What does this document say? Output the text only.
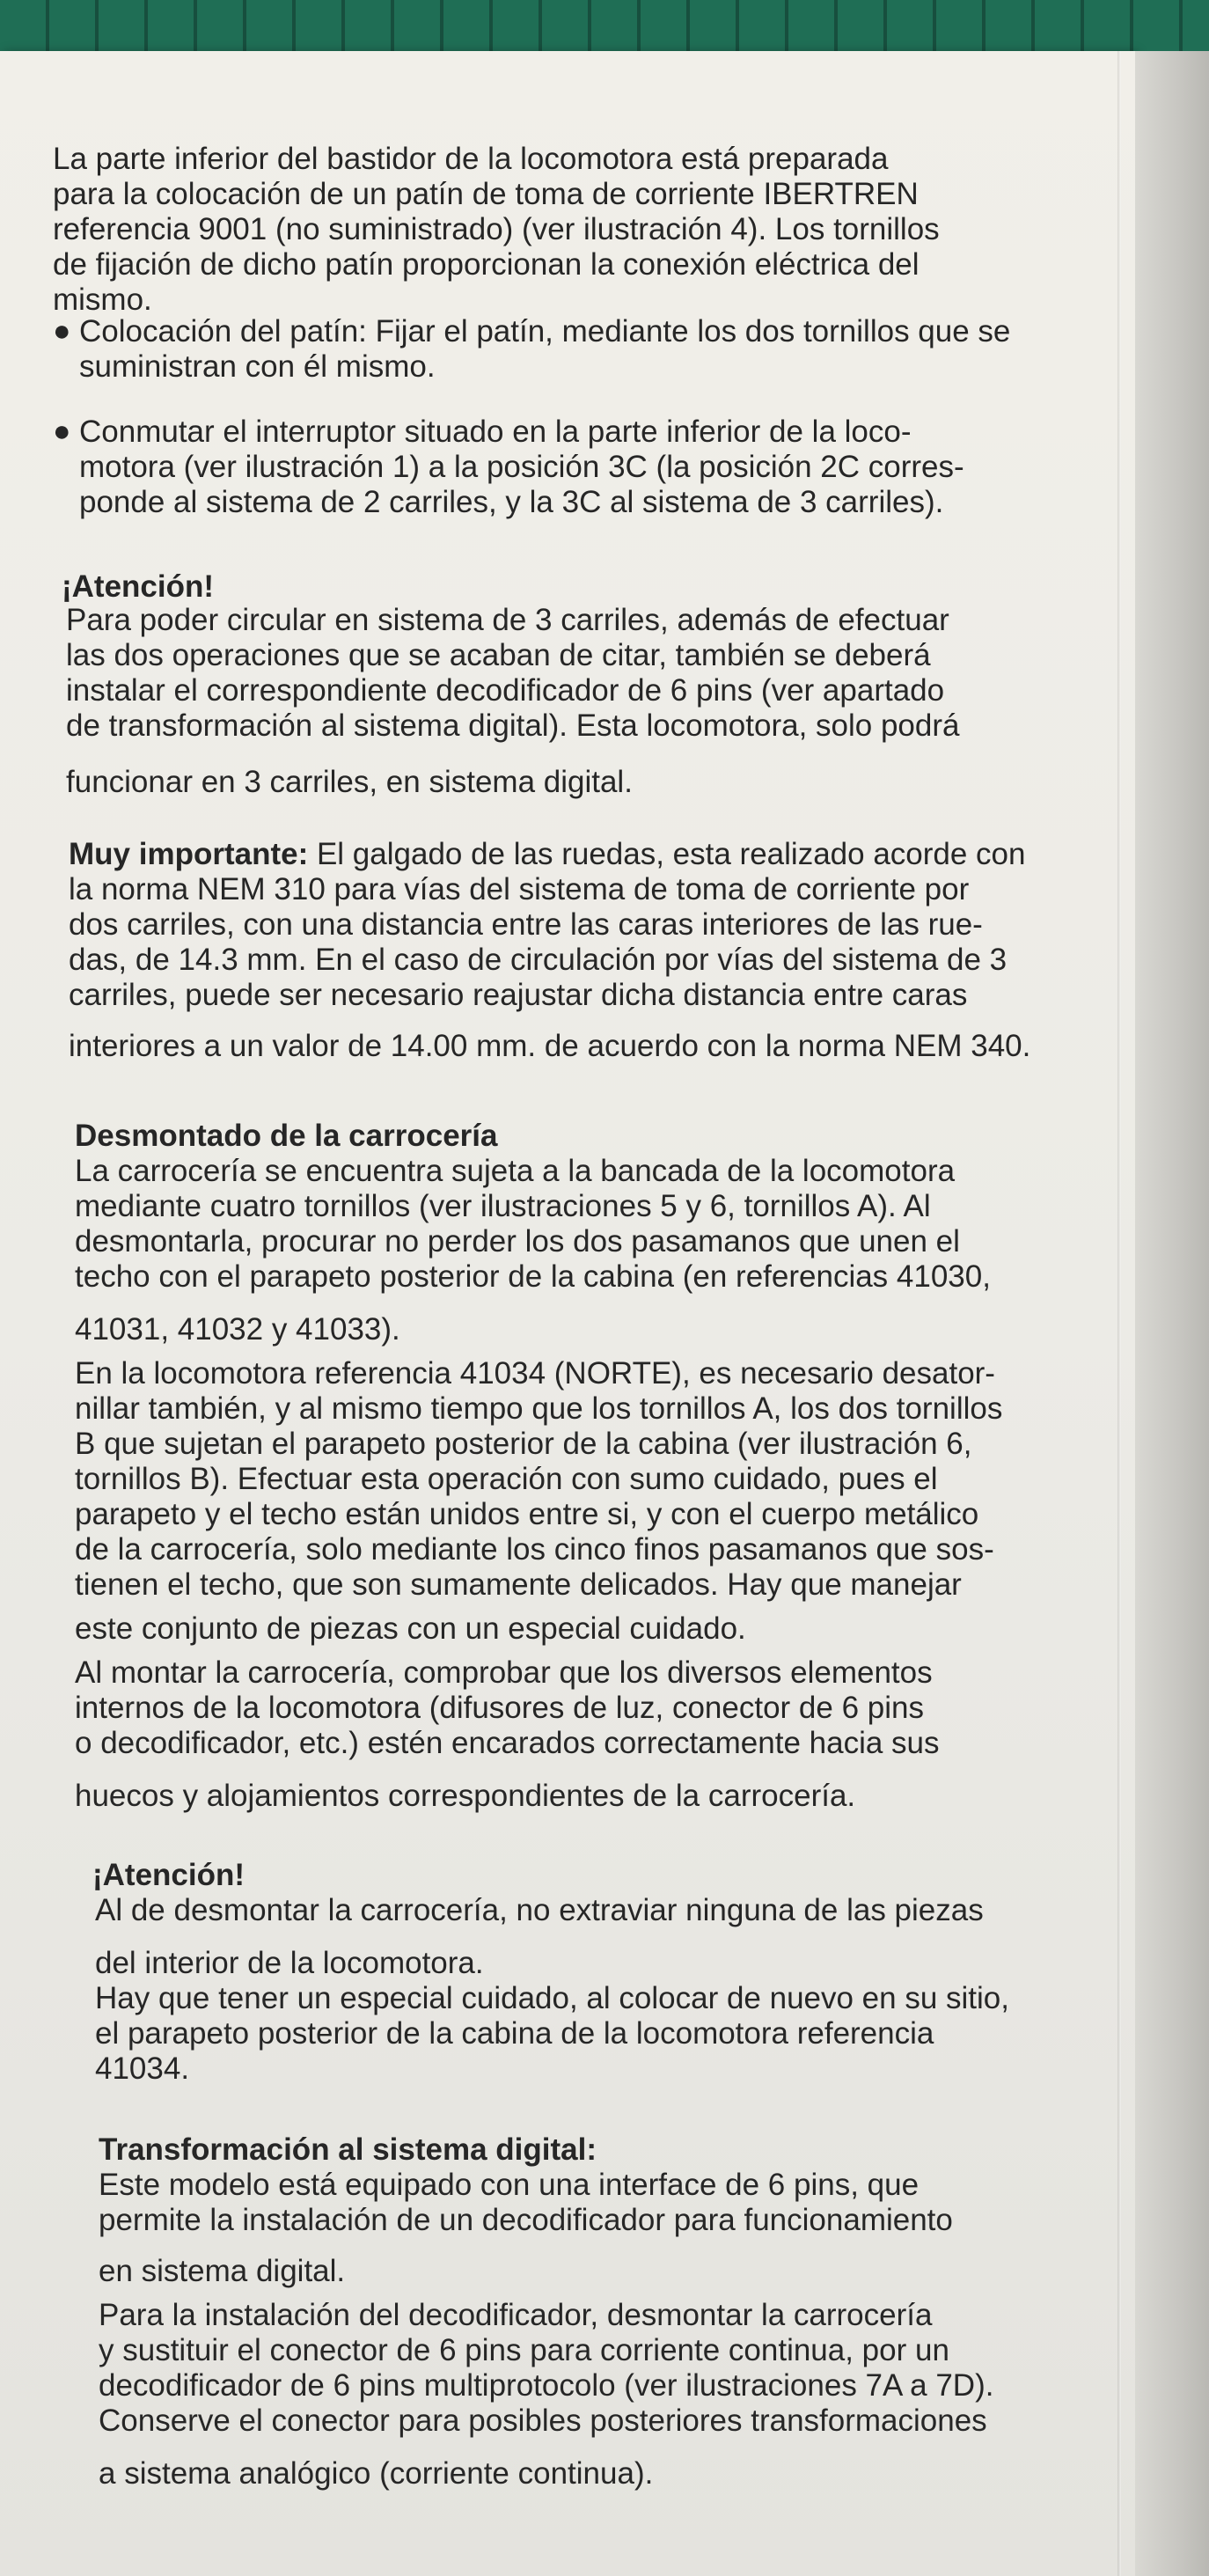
La parte inferior del bastidor de la locomotora está preparada
para la colocación de un patín de toma de corriente IBERTREN
referencia 9001 (no suministrado) (ver ilustración 4). Los tornillos
de fijación de dicho patín proporcionan la conexión eléctrica del
mismo.
● Colocación del patín: Fijar el patín, mediante los dos tornillos que se
suministran con él mismo.
● Conmutar el interruptor situado en la parte inferior de la loco-
motora (ver ilustración 1) a la posición 3C (la posición 2C corres-
ponde al sistema de 2 carriles, y la 3C al sistema de 3 carriles).
¡Atención!
Para poder circular en sistema de 3 carriles, además de efectuar
las dos operaciones que se acaban de citar, también se deberá
instalar el correspondiente decodificador de 6 pins (ver apartado
de transformación al sistema digital). Esta locomotora, solo podrá
funcionar en 3 carriles, en sistema digital.
Muy importante: El galgado de las ruedas, esta realizado acorde con
la norma NEM 310 para vías del sistema de toma de corriente por
dos carriles, con una distancia entre las caras interiores de las rue-
das, de 14.3 mm. En el caso de circulación por vías del sistema de 3
carriles, puede ser necesario reajustar dicha distancia entre caras
interiores a un valor de 14.00 mm. de acuerdo con la norma NEM 340.
Desmontado de la carrocería
La carrocería se encuentra sujeta a la bancada de la locomotora
mediante cuatro tornillos (ver ilustraciones 5 y 6, tornillos A). Al
desmontarla, procurar no perder los dos pasamanos que unen el
techo con el parapeto posterior de la cabina (en referencias 41030,
41031, 41032 y 41033).
En la locomotora referencia 41034 (NORTE), es necesario desator-
nillar también, y al mismo tiempo que los tornillos A, los dos tornillos
B que sujetan el parapeto posterior de la cabina (ver ilustración 6,
tornillos B). Efectuar esta operación con sumo cuidado, pues el
parapeto y el techo están unidos entre si, y con el cuerpo metálico
de la carrocería, solo mediante los cinco finos pasamanos que sos-
tienen el techo, que son sumamente delicados. Hay que manejar
este conjunto de piezas con un especial cuidado.
Al montar la carrocería, comprobar que los diversos elementos
internos de la locomotora (difusores de luz, conector de 6 pins
o decodificador, etc.) estén encarados correctamente hacia sus
huecos y alojamientos correspondientes de la carrocería.
¡Atención!
Al de desmontar la carrocería, no extraviar ninguna de las piezas
del interior de la locomotora.
Hay que tener un especial cuidado, al colocar de nuevo en su sitio,
el parapeto posterior de la cabina de la locomotora referencia
41034.
Transformación al sistema digital:
Este modelo está equipado con una interface de 6 pins, que
permite la instalación de un decodificador para funcionamiento
en sistema digital.
Para la instalación del decodificador, desmontar la carrocería
y sustituir el conector de 6 pins para corriente continua, por un
decodificador de 6 pins multiprotocolo (ver ilustraciones 7A a 7D).
Conserve el conector para posibles posteriores transformaciones
a sistema analógico (corriente continua).
